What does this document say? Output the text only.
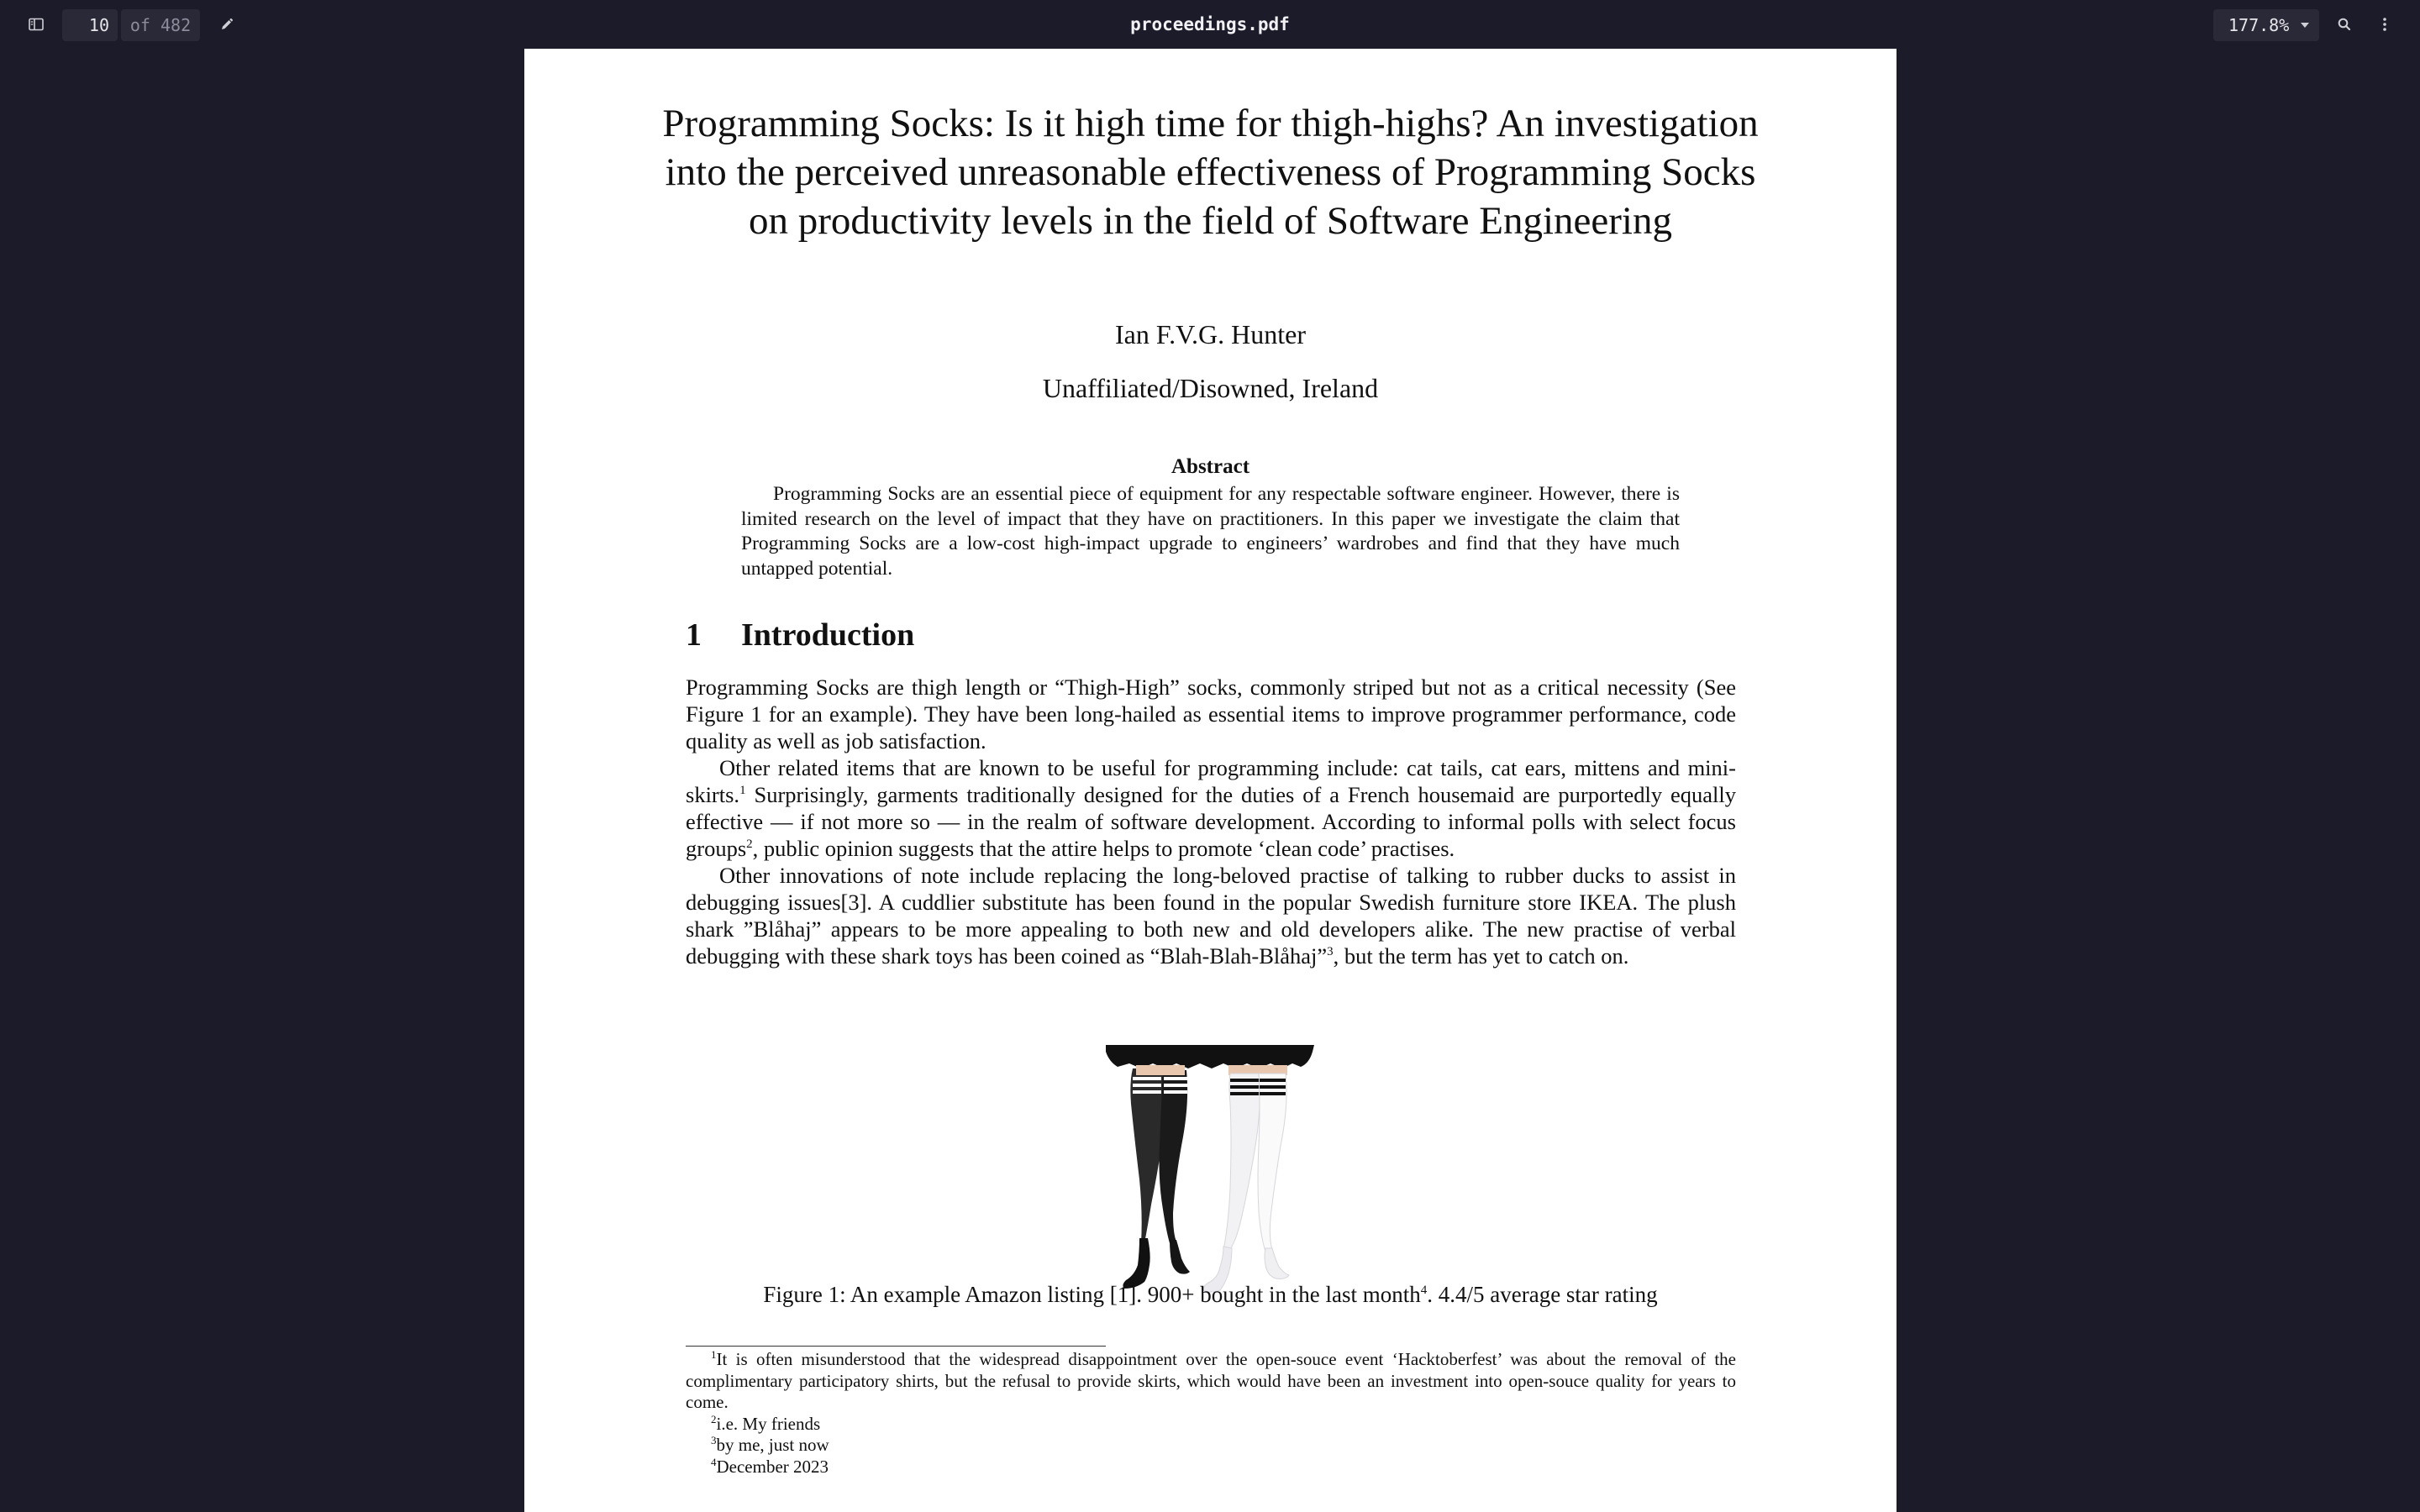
10	of 482	proceedings.pdf	177.8%
Programming Socks: Is it high time for thigh-highs? An investigation into the perceived unreasonable effectiveness of Programming Socks on productivity levels in the field of Software Engineering
Ian F.V.G. Hunter
Unaffiliated/Disowned, Ireland
Abstract
Programming Socks are an essential piece of equipment for any respectable software engineer. However, there is limited research on the level of impact that they have on practitioners. In this paper we investigate the claim that Programming Socks are a low-cost high-impact upgrade to engineers’ wardrobes and find that they have much untapped potential.
1 Introduction

Programming Socks are thigh length or “Thigh-High” socks, commonly striped but not as a critical necessity (See Figure 1 for an example). They have been long-hailed as essential items to improve programmer performance, code quality as well as job satisfaction.

Other related items that are known to be useful for programming include: cat tails, cat ears, mittens and mini-skirts.$^1$ Surprisingly, garments traditionally designed for the duties of a French housemaid are purportedly equally effective — if not more so — in the realm of software development. According to informal polls with select focus groups$^2$, public opinion suggests that the attire helps to promote ‘clean code’ practises.

Other innovations of note include replacing the long-beloved practise of talking to rubber ducks to assist in debugging issues[3]. A cuddlier substitute has been found in the popular Swedish furniture store IKEA. The plush shark ”Blåhaj” appears to be more appealing to both new and old developers alike. The new practise of verbal debugging with these shark toys has been coined as “Blah-Blah-Blåhaj”$^3$, but the term has yet to catch on.

Figure 1: An example Amazon listing [1]. 900+ bought in the last month$^4$. 4.4/5 average star rating

$^1$It is often misunderstood that the widespread disappointment over the open-souce event ‘Hacktoberfest’ was about the removal of the complimentary participatory shirts, but the refusal to provide skirts, which would have been an investment into open-souce quality for years to come.

$^2$i.e. My friends

$^3$by me, just now

$^4$December 2023
